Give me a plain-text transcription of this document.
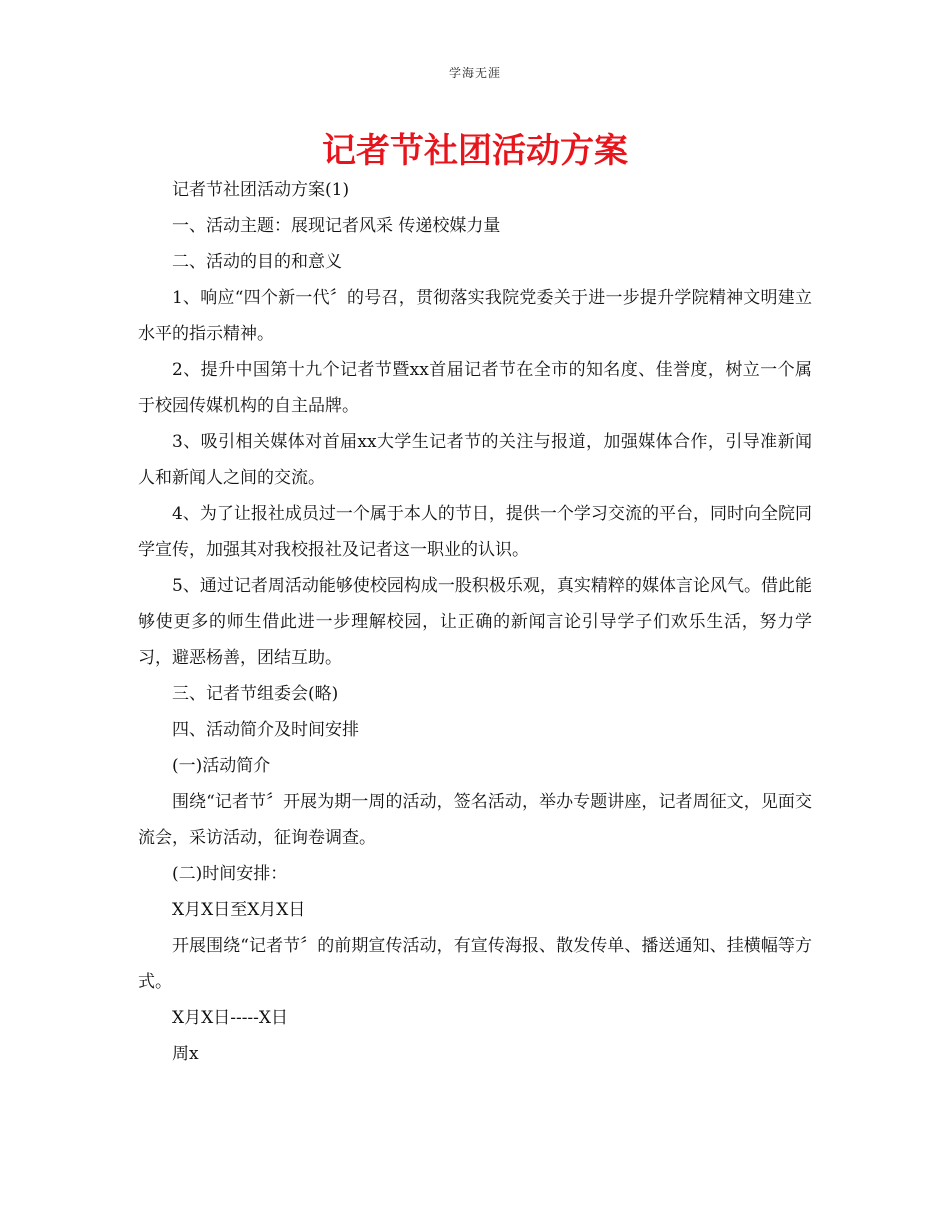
学海无涯
记者节社团活动方案

记者节社团活动方案(1)

一、活动主题：展现记者风采 传递校媒力量

二、活动的目的和意义

1、响应“四个新一代〞的号召，贯彻落实我院党委关于进一步提升学院精神文明建立水平的指示精神。

2、提升中国第十九个记者节暨xx首届记者节在全市的知名度、佳誉度，树立一个属于校园传媒机构的自主品牌。

3、吸引相关媒体对首届xx大学生记者节的关注与报道，加强媒体合作，引导准新闻人和新闻人之间的交流。

4、为了让报社成员过一个属于本人的节日，提供一个学习交流的平台，同时向全院同学宣传，加强其对我校报社及记者这一职业的认识。

5、通过记者周活动能够使校园构成一股积极乐观，真实精粹的媒体言论风气。借此能够使更多的师生借此进一步理解校园，让正确的新闻言论引导学子们欢乐生活，努力学习，避恶杨善，团结互助。

三、记者节组委会(略)

四、活动简介及时间安排

(一)活动简介

围绕“记者节〞开展为期一周的活动，签名活动，举办专题讲座，记者周征文，见面交流会，采访活动，征询卷调查。

(二)时间安排：

X月X日至X月X日

开展围绕“记者节〞的前期宣传活动，有宣传海报、散发传单、播送通知、挂横幅等方式。

X月X日-----X日

周x
